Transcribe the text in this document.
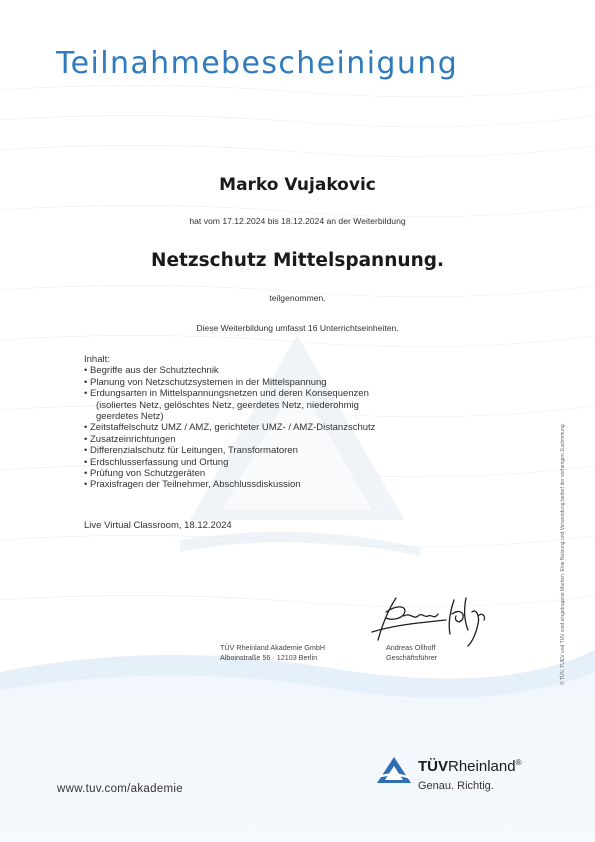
Teilnahmebescheinigung
Marko Vujakovic
hat vom 17.12.2024 bis 18.12.2024 an der Weiterbildung
Netzschutz Mittelspannung.
teilgenommen.
Diese Weiterbildung umfasst 16 Unterrichtseinheiten.
Inhalt:
• Begriffe aus der Schutztechnik
• Planung von Netzschutzsystemen in der Mittelspannung
• Erdungsarten in Mittelspannungsnetzen und deren Konsequenzen
(isoliertes Netz, gelöschtes Netz, geerdetes Netz, niederohmig
geerdetes Netz)
• Zeitstaffelschutz UMZ / AMZ, gerichteter UMZ- / AMZ-Distanzschutz
• Zusatzeinrichtungen
• Differenzialschutz für Leitungen, Transformatoren
• Erdschlusserfassung und Ortung
• Prüfung von Schutzgeräten
• Praxisfragen der Teilnehmer, Abschlussdiskussion
Live Virtual Classroom, 18.12.2024
TÜV Rheinland Akademie GmbH
Alboinstraße 56 · 12103 Berlin
Andreas Ollhoff
Geschäftsführer	© TÜV, TUEV und TUV sind eingetragene Marken. Eine Nutzung und Verwendung bedarf der vorherigen Zustimmung.
www.tuv.com/akademie
TÜVRheinland®
Genau. Richtig.
